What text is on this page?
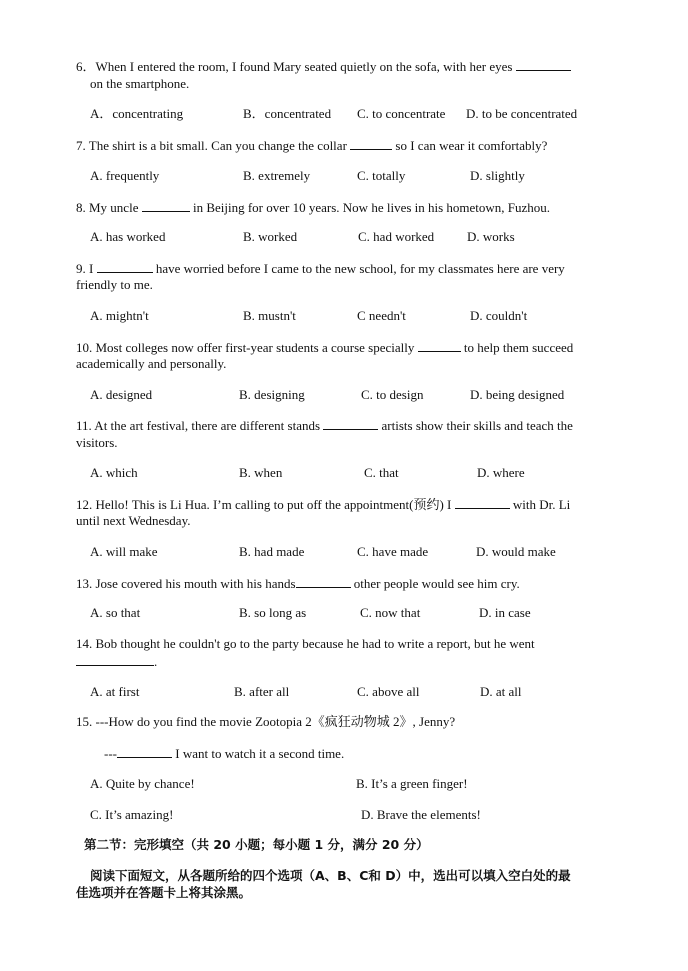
6．When I entered the room, I found Mary seated quietly on the sofa, with her eyes
on the smartphone.
A．concentrating	B．concentrated C. to concentrate D. to be concentrated
7. The shirt is a bit small. Can you change the collar	so I can wear it comfortably?
A. frequently	B. extremely	C. totally	D. slightly
8. My uncle	in Beijing for over 10 years. Now he lives in his hometown, Fuzhou.
A. has worked	B. worked	C. had worked	D. works
9. I	have worried before I came to the new school, for my classmates here are very
friendly to me.
A. mightn't	B. mustn't	C needn't	D. couldn't
10. Most colleges now offer first-year students a course specially	to help them succeed
academically and personally.
A. designed	B. designing	C. to design	D. being designed
11. At the art festival, there are different stands	artists show their skills and teach the
visitors.
A. which	B. when	C. that	D. where
12. Hello! This is Li Hua. I’m calling to put off the appointment(预约) I	with Dr. Li
until next Wednesday.
A. will make	B. had made	C. have made	D. would make
13. Jose covered his mouth with his hands	other people would see him cry.
A. so that	B. so long as	C. now that	D. in case
14. Bob thought he couldn't go to the party because he had to write a report, but he went
.
A. at first	B. after all	C. above all	D. at all
15. ---How do you find the movie Zootopia 2《疯狂动物城 2》, Jenny?
---	I want to watch it a second time.
A. Quite by chance!	B. It’s a green finger!
C. It’s amazing!	D. Brave the elements!
第二节：完形填空（共 20 小题；每小题 1 分，满分 20 分）
阅读下面短文，从各题所给的四个选项（A、B、C和 D）中，选出可以填入空白处的最
佳选项并在答题卡上将其涂黑。
